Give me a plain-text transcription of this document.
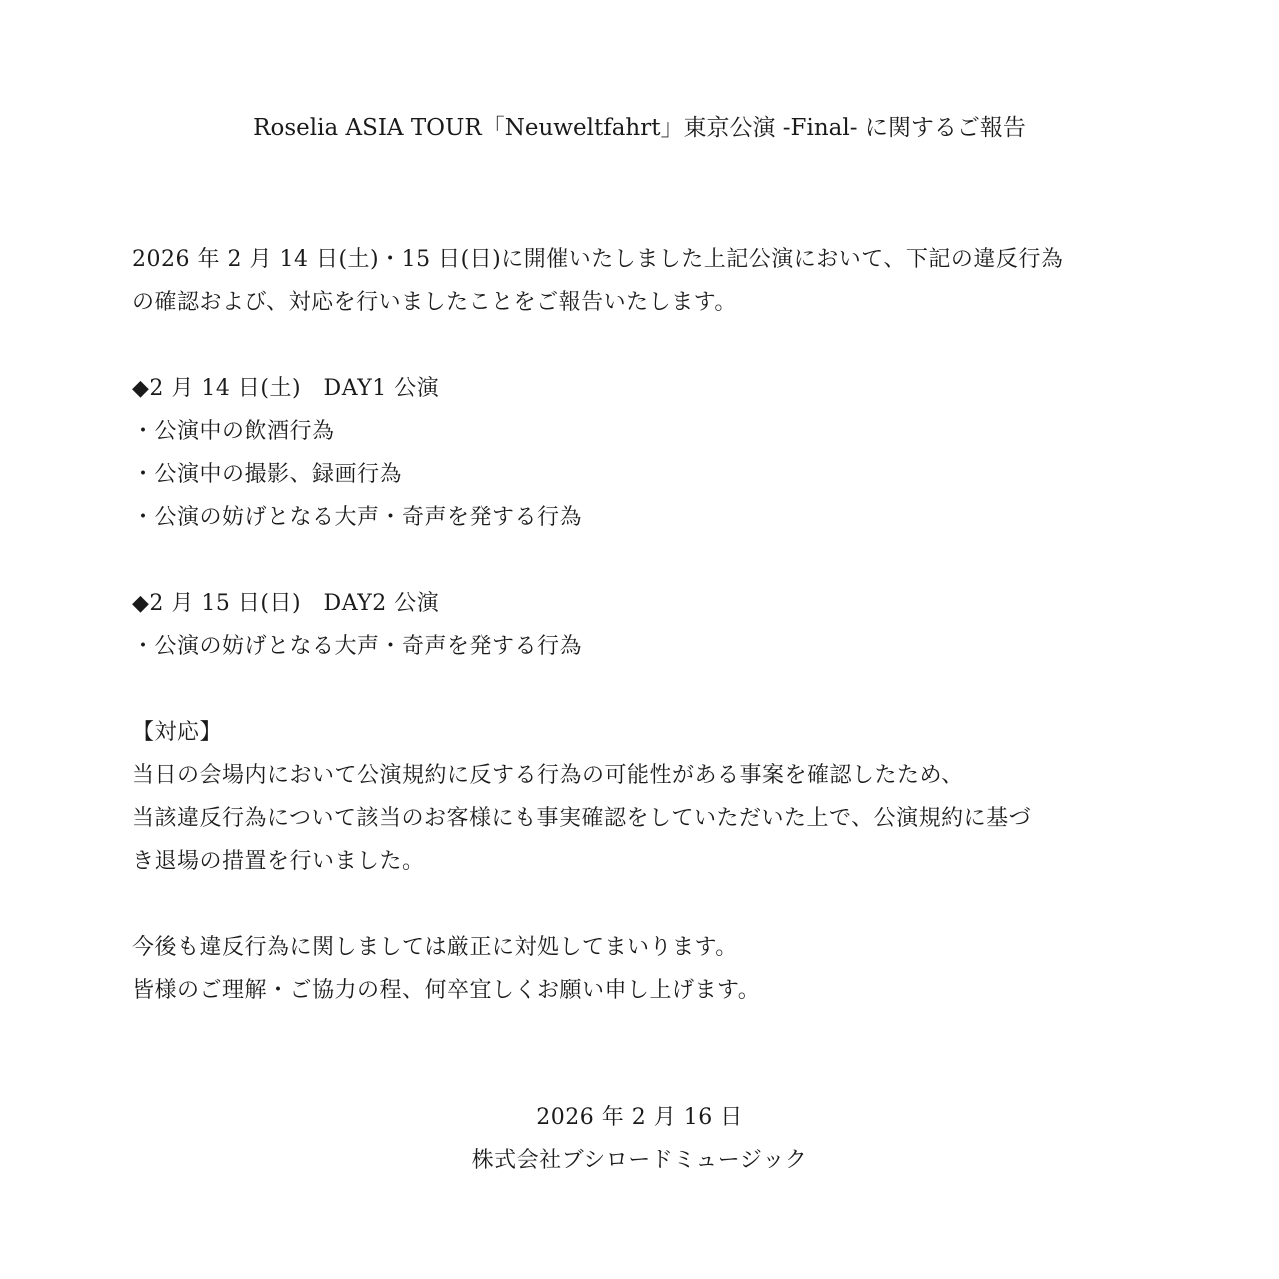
Roselia ASIA TOUR「Neuweltfahrt」東京公演 -Final- に関するご報告

2026 年 2 月 14 日(土)・15 日(日)に開催いたしました上記公演において、下記の違反行為
の確認および、対応を行いましたことをご報告いたします。

◆2 月 14 日(土)　DAY1 公演
・公演中の飲酒行為
・公演中の撮影、録画行為
・公演の妨げとなる大声・奇声を発する行為
◆2 月 15 日(日)　DAY2 公演
・公演の妨げとなる大声・奇声を発する行為
【対応】
当日の会場内において公演規約に反する行為の可能性がある事案を確認したため、
当該違反行為について該当のお客様にも事実確認をしていただいた上で、公演規約に基づ
き退場の措置を行いました。
今後も違反行為に関しましては厳正に対処してまいります。
皆様のご理解・ご協力の程、何卒宜しくお願い申し上げます。
2026 年 2 月 16 日
株式会社ブシロードミュージック
